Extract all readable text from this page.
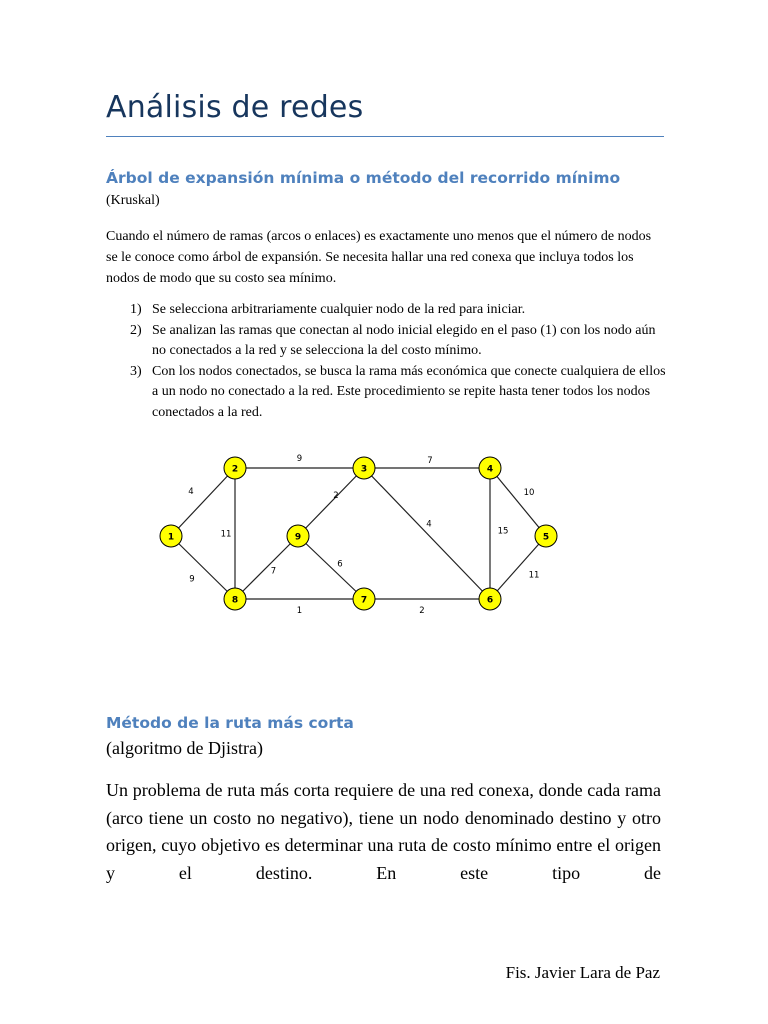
Análisis de redes
Árbol de expansión mínima o método del recorrido mínimo
(Kruskal)

Cuando el número de ramas (arcos o enlaces) es exactamente uno menos que el número de nodos se le conoce como árbol de expansión. Se necesita hallar una red conexa que incluya todos los nodos de modo que su costo sea mínimo.

1) Se selecciona arbitrariamente cualquier nodo de la red para iniciar.
2) Se analizan las ramas que conectan al nodo inicial elegido en el paso (1) con los nodo aún no conectados a la red y se selecciona la del costo mínimo.
3) Con los nodos conectados, se busca la rama más económica que conecte cualquiera de ellos a un nodo no conectado a la red. Este procedimiento se repite hasta tener todos los nodos conectados a la red.
4
9	7
10
9
11
2
4
15
11
7
6
1	2
1
2	3	4
5
6
7
8
9
Método de la ruta más corta
(algoritmo de Djistra)

Un problema de ruta más corta requiere de una red conexa, donde cada rama (arco tiene un costo no negativo), tiene un nodo denominado destino y otro origen, cuyo objetivo es determinar una ruta de costo mínimo entre el origen y el destino. En este tipo de

Fis. Javier Lara de Paz
